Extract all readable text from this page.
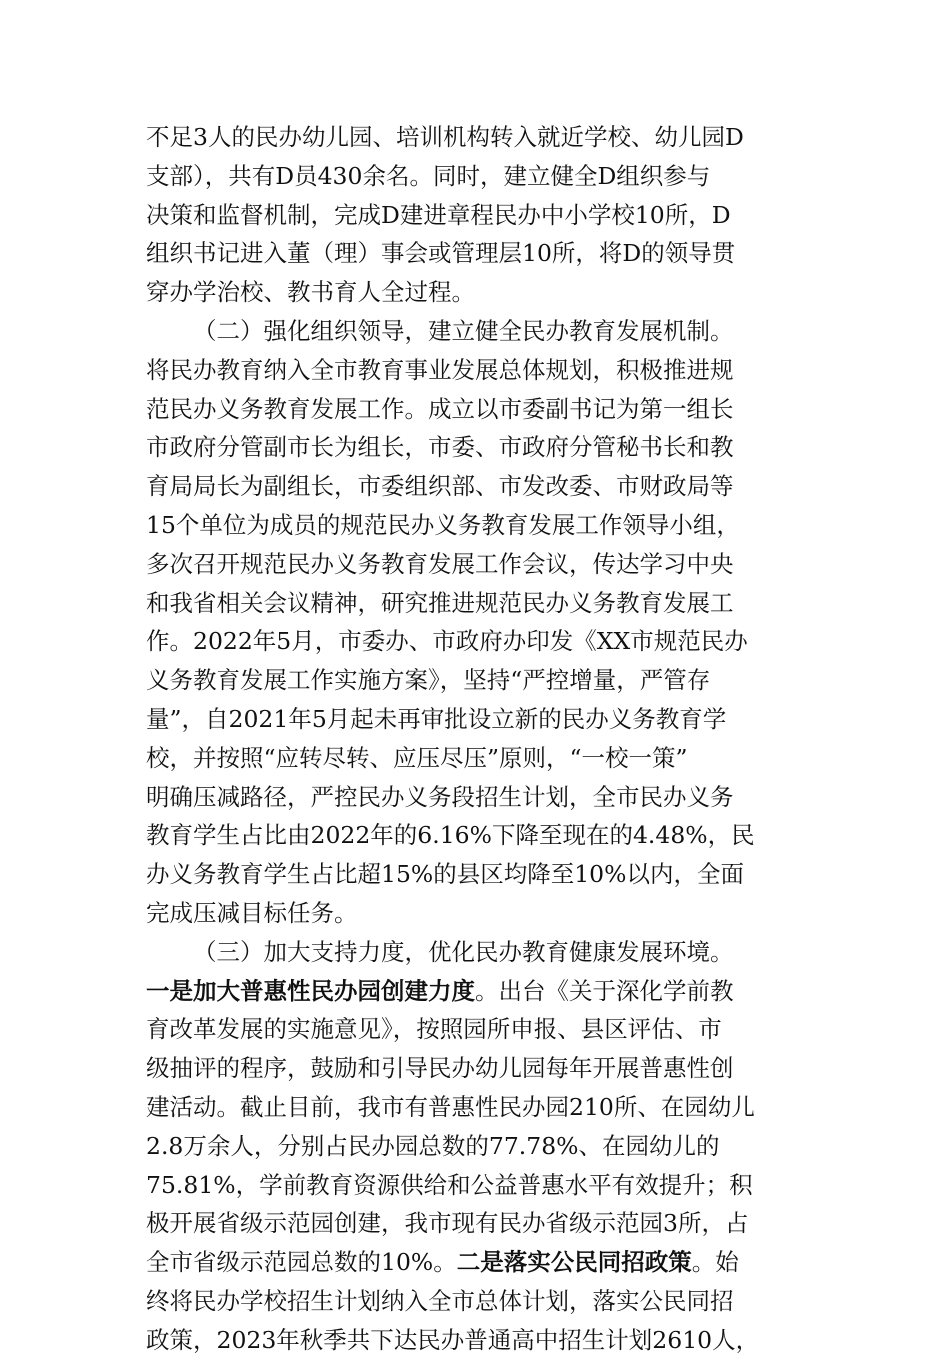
不足3人的民办幼儿园、培训机构转入就近学校、幼儿园D
支部），共有D员430余名。同时，建立健全D组织参与
决策和监督机制，完成D建进章程民办中小学校10所，D
组织书记进入董（理）事会或管理层10所，将D的领导贯
穿办学治校、教书育人全过程。
（二）强化组织领导，建立健全民办教育发展机制。
将民办教育纳入全市教育事业发展总体规划，积极推进规
范民办义务教育发展工作。成立以市委副书记为第一组长
市政府分管副市长为组长，市委、市政府分管秘书长和教
育局局长为副组长，市委组织部、市发改委、市财政局等
15个单位为成员的规范民办义务教育发展工作领导小组，
多次召开规范民办义务教育发展工作会议，传达学习中央
和我省相关会议精神，研究推进规范民办义务教育发展工
作。2022年5月，市委办、市政府办印发《XX市规范民办
义务教育发展工作实施方案》，坚持“严控增量，严管存
量”，自2021年5月起未再审批设立新的民办义务教育学
校，并按照“应转尽转、应压尽压”原则，“一校一策”
明确压减路径，严控民办义务段招生计划，全市民办义务
教育学生占比由2022年的6.16%下降至现在的4.48%，民
办义务教育学生占比超15%的县区均降至10%以内，全面
完成压减目标任务。
（三）加大支持力度，优化民办教育健康发展环境。
一是加大普惠性民办园创建力度。出台《关于深化学前教
育改革发展的实施意见》，按照园所申报、县区评估、市
级抽评的程序，鼓励和引导民办幼儿园每年开展普惠性创
建活动。截止目前，我市有普惠性民办园210所、在园幼儿
2.8万余人，分别占民办园总数的77.78%、在园幼儿的
75.81%，学前教育资源供给和公益普惠水平有效提升；积
极开展省级示范园创建，我市现有民办省级示范园3所，占
全市省级示范园总数的10%。二是落实公民同招政策。始
终将民办学校招生计划纳入全市总体计划，落实公民同招
政策，2023年秋季共下达民办普通高中招生计划2610人，
